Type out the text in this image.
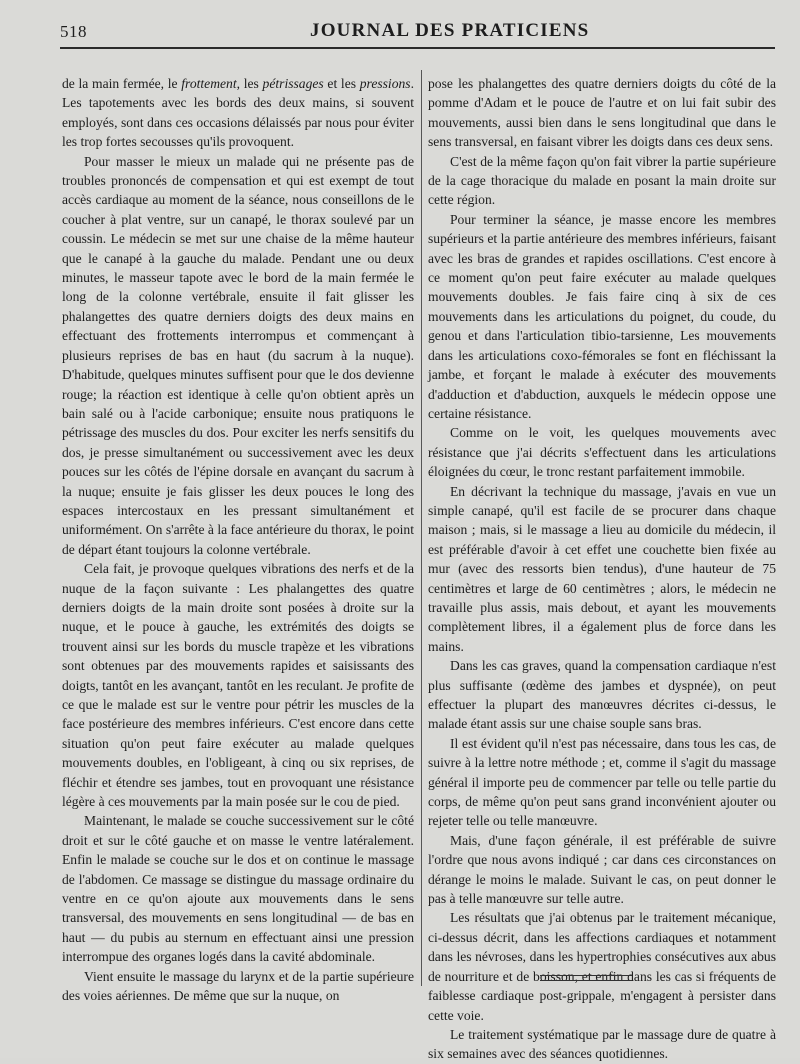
518	JOURNAL DES PRATICIENS

de la main fermée, le frottement, les pétrissages et les pressions. Les tapotements avec les bords des deux mains, si souvent employés, sont dans ces occasions délaissés par nous pour éviter les trop fortes secousses qu'ils provoquent.

Pour masser le mieux un malade qui ne présente pas de troubles prononcés de compensation et qui est exempt de tout accès cardiaque au moment de la séance, nous conseillons de le coucher à plat ventre, sur un canapé, le thorax soulevé par un coussin. Le médecin se met sur une chaise de la même hauteur que le canapé à la gauche du malade. Pendant une ou deux minutes, le masseur tapote avec le bord de la main fermée le long de la colonne vertébrale, ensuite il fait glisser les phalangettes des quatre derniers doigts des deux mains en effectuant des frottements interrompus et commençant à plusieurs reprises de bas en haut (du sacrum à la nuque). D'habitude, quelques minutes suffisent pour que le dos devienne rouge; la réaction est identique à celle qu'on obtient après un bain salé ou à l'acide carbonique; ensuite nous pratiquons le pétrissage des muscles du dos. Pour exciter les nerfs sensitifs du dos, je presse simultanément ou successivement avec les deux pouces sur les côtés de l'épine dorsale en avançant du sacrum à la nuque; ensuite je fais glisser les deux pouces le long des espaces intercostaux en les pressant simultanément et uniformément. On s'arrête à la face antérieure du thorax, le point de départ étant toujours la colonne vertébrale.

Cela fait, je provoque quelques vibrations des nerfs et de la nuque de la façon suivante : Les phalangettes des quatre derniers doigts de la main droite sont posées à droite sur la nuque, et le pouce à gauche, les extrémités des doigts se trouvent ainsi sur les bords du muscle trapèze et les vibrations sont obtenues par des mouvements rapides et saisissants des doigts, tantôt en les avançant, tantôt en les reculant. Je profite de ce que le malade est sur le ventre pour pétrir les muscles de la face postérieure des membres inférieurs. C'est encore dans cette situation qu'on peut faire exécuter au malade quelques mouvements doubles, en l'obligeant, à cinq ou six reprises, de fléchir et étendre ses jambes, tout en provoquant une résistance légère à ces mouvements par la main posée sur le cou de pied.

Maintenant, le malade se couche successivement sur le côté droit et sur le côté gauche et on masse le ventre latéralement. Enfin le malade se couche sur le dos et on continue le massage de l'abdomen. Ce massage se distingue du massage ordinaire du ventre en ce qu'on ajoute aux mouvements dans le sens transversal, des mouvements en sens longitudinal — de bas en haut — du pubis au sternum en effectuant ainsi une pression interrompue des organes logés dans la cavité abdominale.

Vient ensuite le massage du larynx et de la partie supérieure des voies aériennes. De même que sur la nuque, on

pose les phalangettes des quatre derniers doigts du côté de la pomme d'Adam et le pouce de l'autre et on lui fait subir des mouvements, aussi bien dans le sens longitudinal que dans le sens transversal, en faisant vibrer les doigts dans ces deux sens.

C'est de la même façon qu'on fait vibrer la partie supérieure de la cage thoracique du malade en posant la main droite sur cette région.

Pour terminer la séance, je masse encore les membres supérieurs et la partie antérieure des membres inférieurs, faisant avec les bras de grandes et rapides oscillations. C'est encore à ce moment qu'on peut faire exécuter au malade quelques mouvements doubles. Je fais faire cinq à six de ces mouvements dans les articulations du poignet, du coude, du genou et dans l'articulation tibio-tarsienne, Les mouvements dans les articulations coxo-fémorales se font en fléchissant la jambe, et forçant le malade à exécuter des mouvements d'adduction et d'abduction, auxquels le médecin oppose une certaine résistance.

Comme on le voit, les quelques mouvements avec résistance que j'ai décrits s'effectuent dans les articulations éloignées du cœur, le tronc restant parfaitement immobile.

En décrivant la technique du massage, j'avais en vue un simple canapé, qu'il est facile de se procurer dans chaque maison ; mais, si le massage a lieu au domicile du médecin, il est préférable d'avoir à cet effet une couchette bien fixée au mur (avec des ressorts bien tendus), d'une hauteur de 75 centimètres et large de 60 centimètres ; alors, le médecin ne travaille plus assis, mais debout, et ayant les mouvements complètement libres, il a également plus de force dans les mains.

Dans les cas graves, quand la compensation cardiaque n'est plus suffisante (œdème des jambes et dyspnée), on peut effectuer la plupart des manœuvres décrites ci-dessus, le malade étant assis sur une chaise souple sans bras.

Il est évident qu'il n'est pas nécessaire, dans tous les cas, de suivre à la lettre notre méthode ; et, comme il s'agit du massage général il importe peu de commencer par telle ou telle partie du corps, de même qu'on peut sans grand inconvénient ajouter ou rejeter telle ou telle manœuvre.

Mais, d'une façon générale, il est préférable de suivre l'ordre que nous avons indiqué ; car dans ces circonstances on dérange le moins le malade. Suivant le cas, on peut donner le pas à telle manœuvre sur telle autre.

Les résultats que j'ai obtenus par le traitement mécanique, ci-dessus décrit, dans les affections cardiaques et notamment dans les névroses, dans les hypertrophies consécutives aux abus de nourriture et de boisson, et enfin dans les cas si fréquents de faiblesse cardiaque post-grippale, m'engagent à persister dans cette voie.

Le traitement systématique par le massage dure de quatre à six semaines avec des séances quotidiennes.
